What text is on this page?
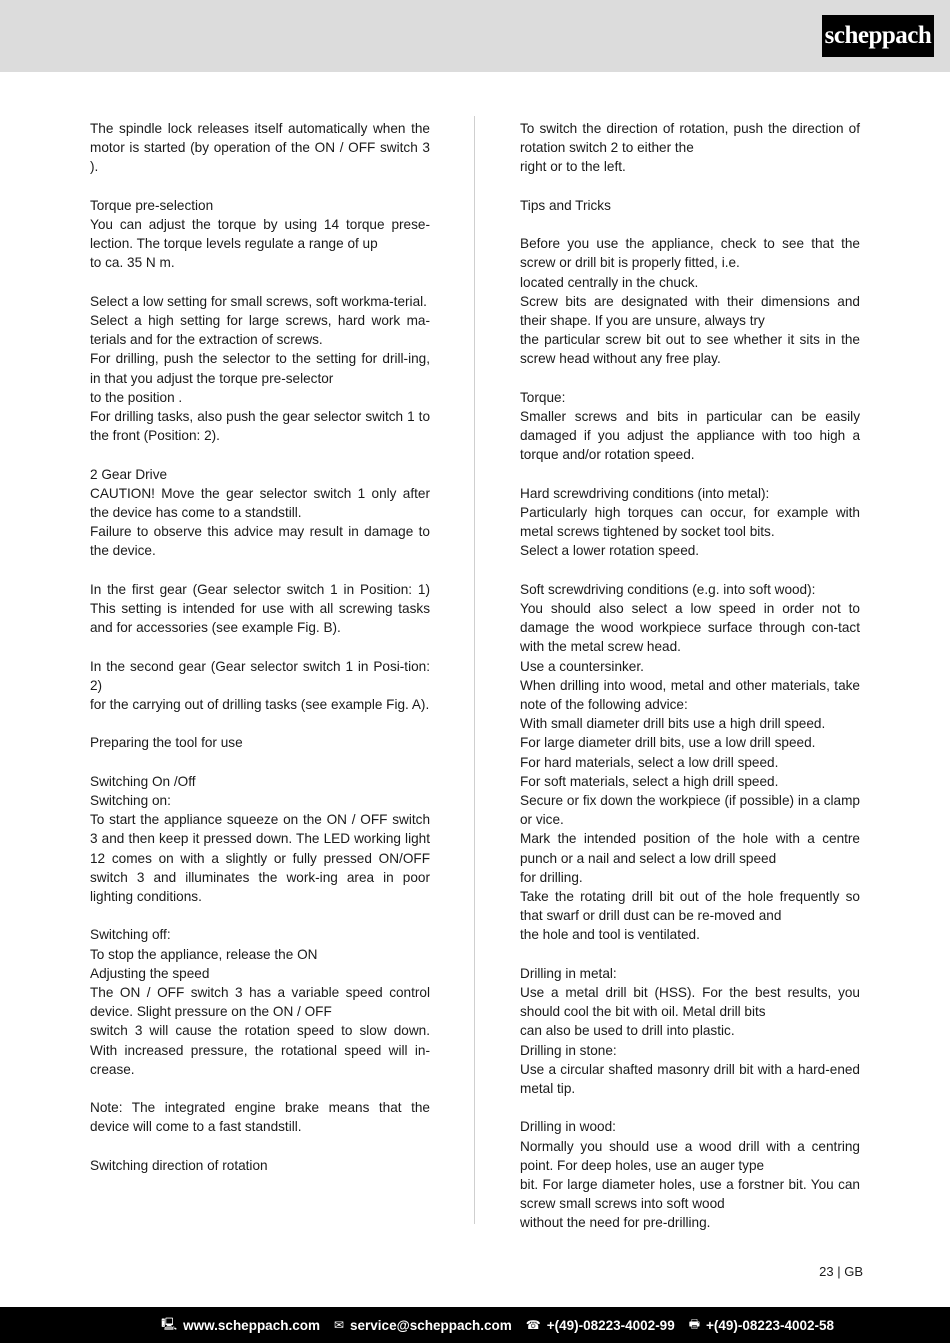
scheppach

The spindle lock releases itself automatically when the motor is started (by operation of the ON / OFF switch 3 ).

Torque pre-selection

You can adjust the torque by using 14 torque prese-lection. The torque levels regulate a range of up

to ca. 35 N m.

Select a low setting for small screws, soft workma-terial.

Select a high setting for large screws, hard work ma-terials and for the extraction of screws.

For drilling, push the selector to the setting for drill-ing, in that you adjust the torque pre-selector

to the position .

For drilling tasks, also push the gear selector switch 1 to the front (Position: 2).

2 Gear Drive

CAUTION! Move the gear selector switch 1 only after the device has come to a standstill.

Failure to observe this advice may result in damage to the device.

In the first gear (Gear selector switch 1 in Position: 1) This setting is intended for use with all screwing tasks and for accessories (see example Fig. B).

In the second gear (Gear selector switch 1 in Posi-tion: 2)

for the carrying out of drilling tasks (see example Fig. A).

Preparing the tool for use

Switching On /Off

Switching on:

To start the appliance squeeze on the ON / OFF switch 3 and then keep it pressed down. The LED working light 12 comes on with a slightly or fully pressed ON/OFF switch 3 and illuminates the work-ing area in poor lighting conditions.

Switching off:

To stop the appliance, release the ON

Adjusting the speed

The ON / OFF switch 3 has a variable speed control device. Slight pressure on the ON / OFF

switch 3 will cause the rotation speed to slow down. With increased pressure, the rotational speed will in-crease.

Note: The integrated engine brake means that the device will come to a fast standstill.

Switching direction of rotation

To switch the direction of rotation, push the direction of rotation switch 2 to either the

right or to the left.

Tips and Tricks

Before you use the appliance, check to see that the screw or drill bit is properly fitted, i.e.

located centrally in the chuck.

Screw bits are designated with their dimensions and their shape. If you are unsure, always try

the particular screw bit out to see whether it sits in the screw head without any free play.

Torque:

Smaller screws and bits in particular can be easily damaged if you adjust the appliance with too high a torque and/or rotation speed.

Hard screwdriving conditions (into metal):

Particularly high torques can occur, for example with metal screws tightened by socket tool bits.

Select a lower rotation speed.

Soft screwdriving conditions (e.g. into soft wood):

You should also select a low speed in order not to damage the wood workpiece surface through con-tact with the metal screw head.

Use a countersinker.

When drilling into wood, metal and other materials, take note of the following advice:

With small diameter drill bits use a high drill speed.

For large diameter drill bits, use a low drill speed.

For hard materials, select a low drill speed.

For soft materials, select a high drill speed.

Secure or fix down the workpiece (if possible) in a clamp or vice.

Mark the intended position of the hole with a centre punch or a nail and select a low drill speed

for drilling.

Take the rotating drill bit out of the hole frequently so that swarf or drill dust can be re-moved and

the hole and tool is ventilated.

Drilling in metal:

Use a metal drill bit (HSS). For the best results, you should cool the bit with oil. Metal drill bits

can also be used to drill into plastic.

Drilling in stone:

Use a circular shafted masonry drill bit with a hard-ened metal tip.

Drilling in wood:

Normally you should use a wood drill with a centring point. For deep holes, use an auger type

bit. For large diameter holes, use a forstner bit. You can screw small screws into soft wood

without the need for pre-drilling.

23 | GB
🖳 www.scheppach.com ✉ service@scheppach.com ☎ +(49)-08223-4002-99 🖶 +(49)-08223-4002-58
